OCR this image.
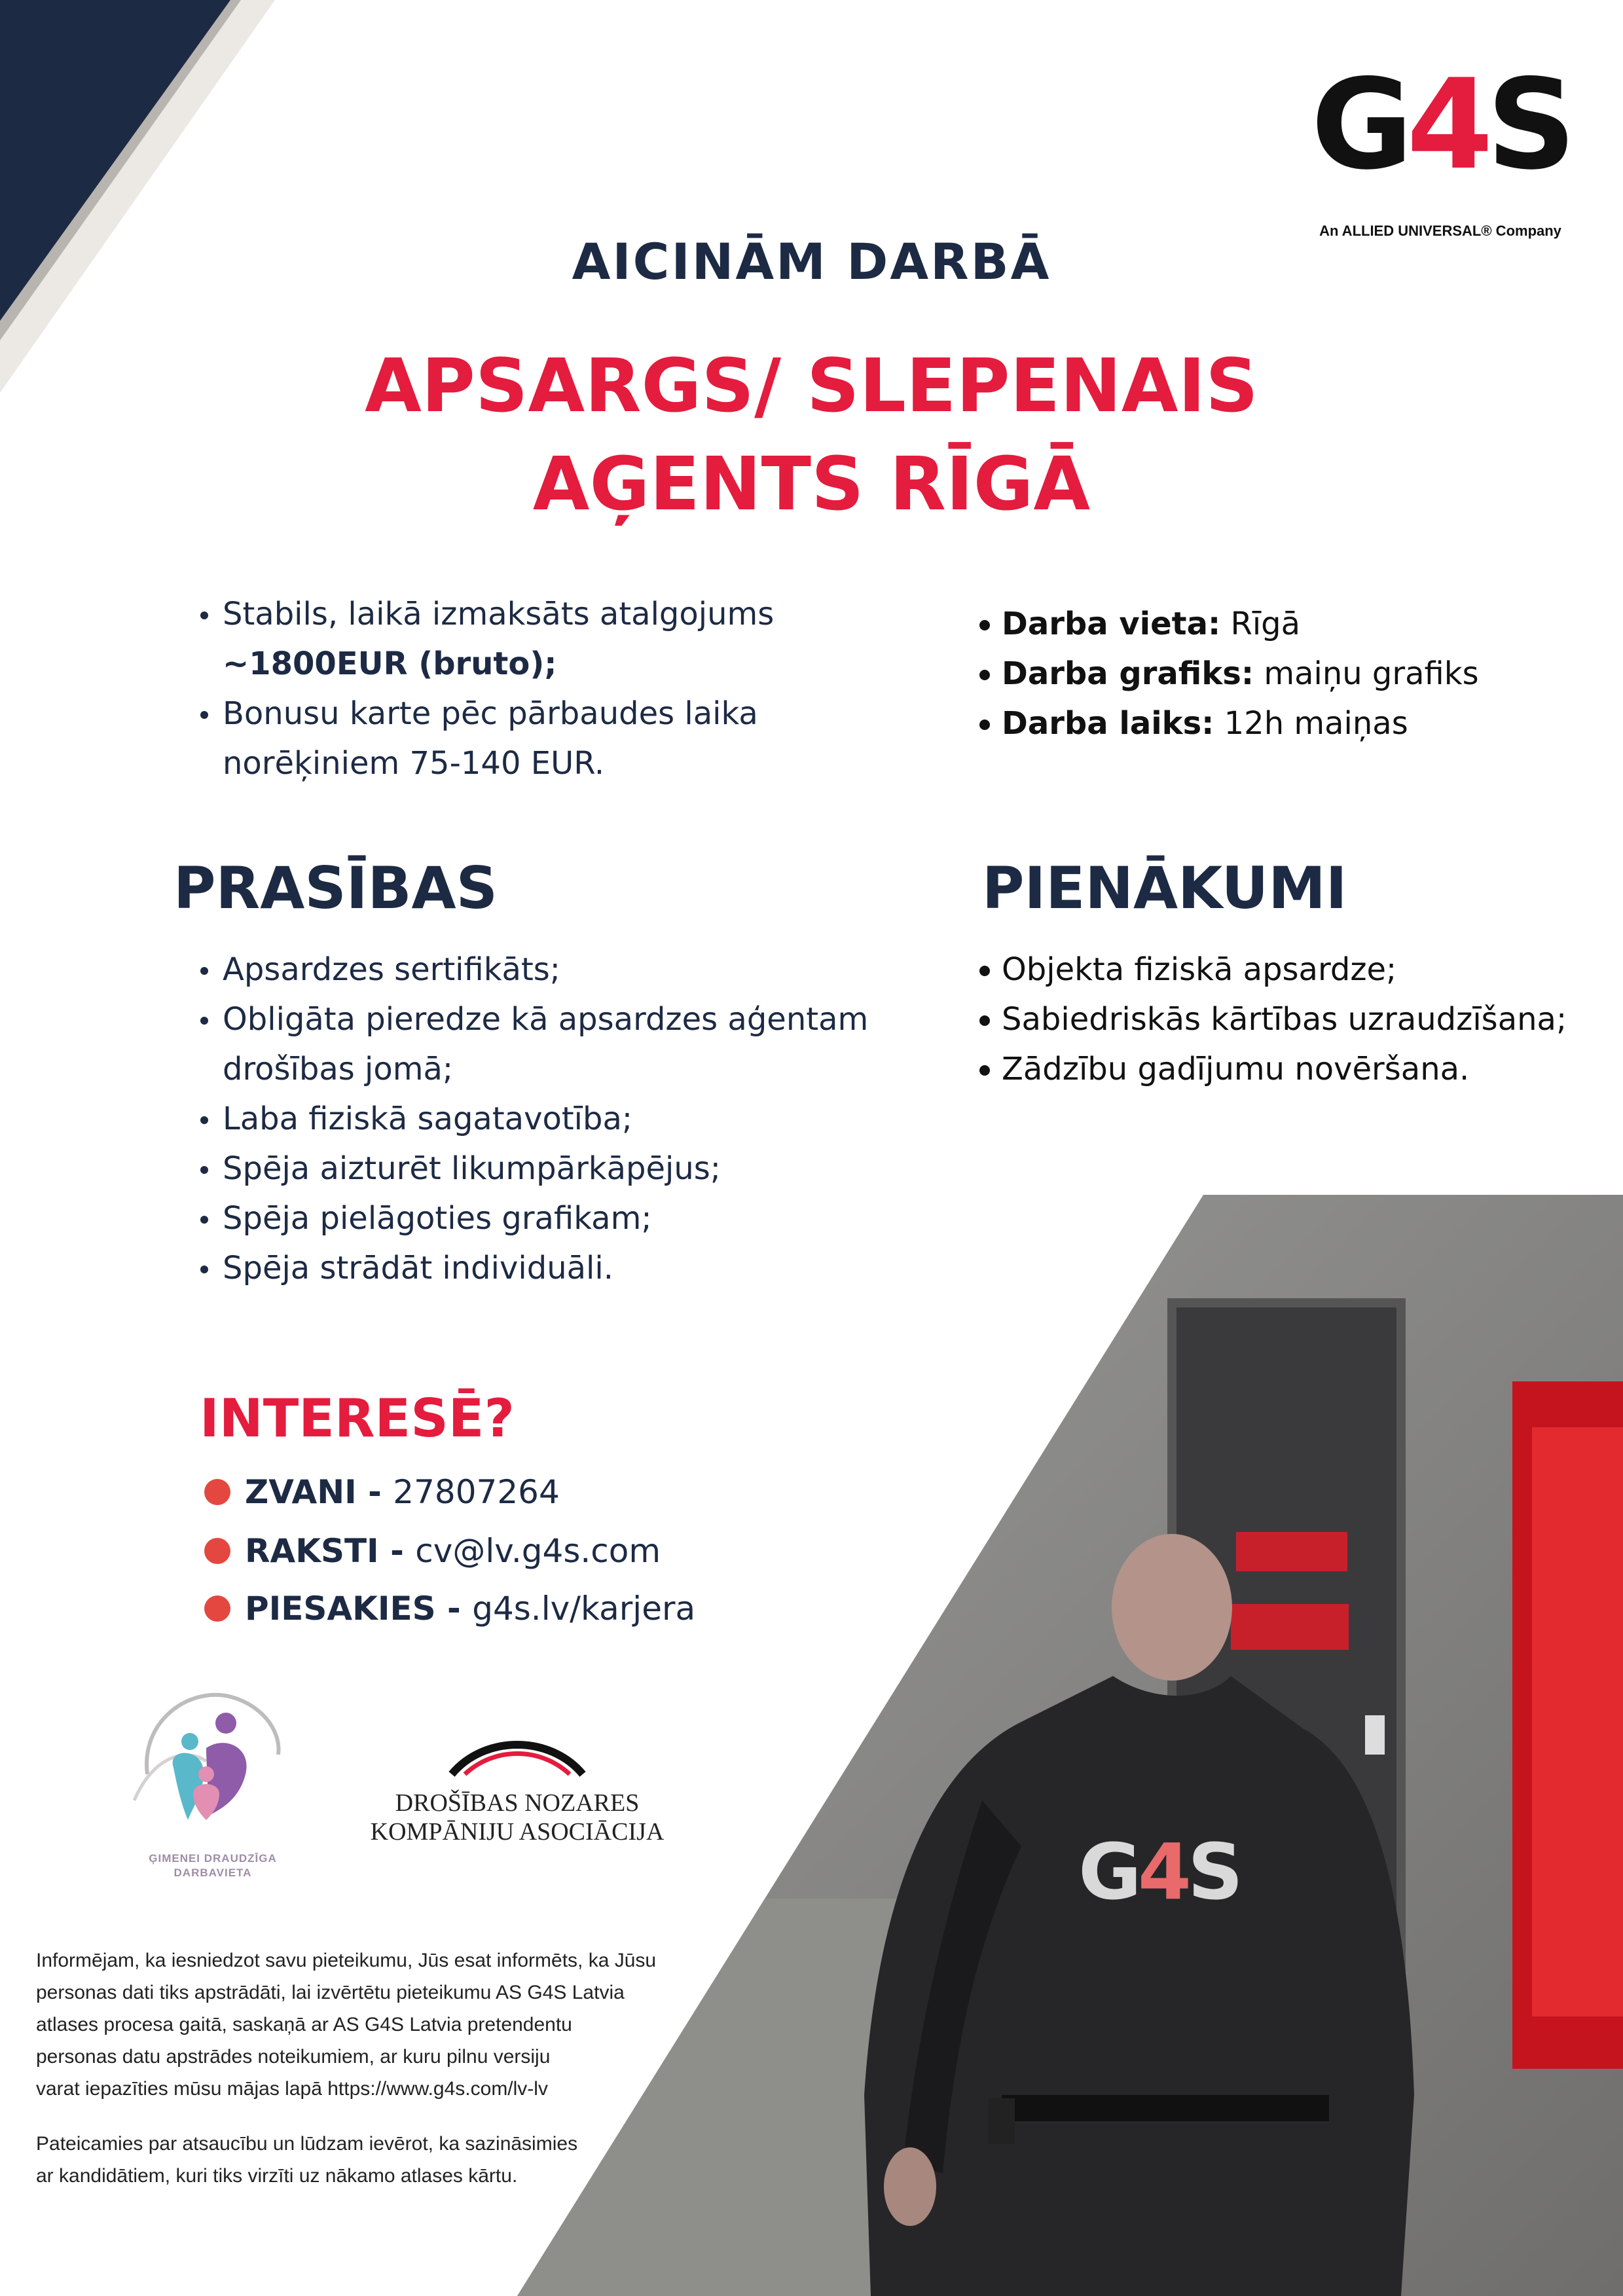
G4S
G4S
An ALLIED UNIVERSAL® Company
AICINĀM DARBĀ
APSARGS/ SLEPENAIS
AĢENTS RĪGĀ
Stabils, laikā izmaksāts atalgojums
~1800EUR (bruto);
Bonusu karte pēc pārbaudes laika
norēķiniem 75-140 EUR.
Darba vieta: Rīgā
Darba grafiks: maiņu grafiks
Darba laiks: 12h maiņas
PRASĪBAS
Apsardzes sertifikāts;
Obligāta pieredze kā apsardzes aģentam
drošības jomā;
Laba fiziskā sagatavotība;
Spēja aizturēt likumpārkāpējus;
Spēja pielāgoties grafikam;
Spēja strādāt individuāli.
PIENĀKUMI
Objekta fiziskā apsardze;
Sabiedriskās kārtības uzraudzīšana;
Zādzību gadījumu novēršana.
INTERESĒ?
ZVANI - 27807264
RAKSTI - cv@lv.g4s.com
PIESAKIES - g4s.lv/karjera
ĢIMENEI DRAUDZĪGA
DARBAVIETA
DROŠĪBAS NOZARES
KOMPĀNIJU ASOCIĀCIJA
Informējam, ka iesniedzot savu pieteikumu, Jūs esat informēts, ka Jūsu
personas dati tiks apstrādāti, lai izvērtētu pieteikumu AS G4S Latvia
atlases procesa gaitā, saskaņā ar AS G4S Latvia pretendentu
personas datu apstrādes noteikumiem, ar kuru pilnu versiju
varat iepazīties mūsu mājas lapā https://www.g4s.com/lv-lv
Pateicamies par atsaucību un lūdzam ievērot, ka sazināsimies
ar kandidātiem, kuri tiks virzīti uz nākamo atlases kārtu.
